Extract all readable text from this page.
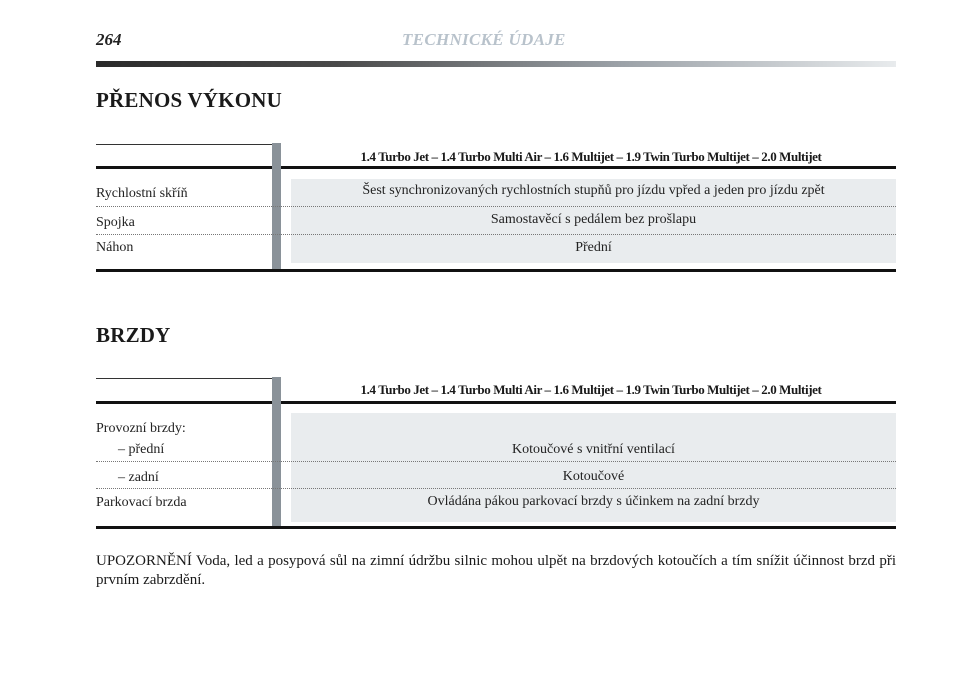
264	TECHNICKÉ ÚDAJE
PŘENOS VÝKONU
1.4 Turbo Jet – 1.4 Turbo Multi Air – 1.6 Multijet – 1.9 Twin Turbo Multijet – 2.0 Multijet
Rychlostní skříň	Šest synchronizovaných rychlostních stupňů pro jízdu vpřed a jeden pro jízdu zpět
Spojka	Samostavěcí s pedálem bez prošlapu
Náhon	Přední
BRZDY
1.4 Turbo Jet – 1.4 Turbo Multi Air – 1.6 Multijet – 1.9 Twin Turbo Multijet – 2.0 Multijet
Provozní brzdy:
– přední	Kotoučové s vnitřní ventilací
– zadní	Kotoučové
Parkovací brzda	Ovládána pákou parkovací brzdy s účinkem na zadní brzdy
UPOZORNĚNÍ Voda, led a posypová sůl na zimní údržbu silnic mohou ulpět na brzdových kotoučích a tím snížit účinnost brzd při prvním zabrzdění.
